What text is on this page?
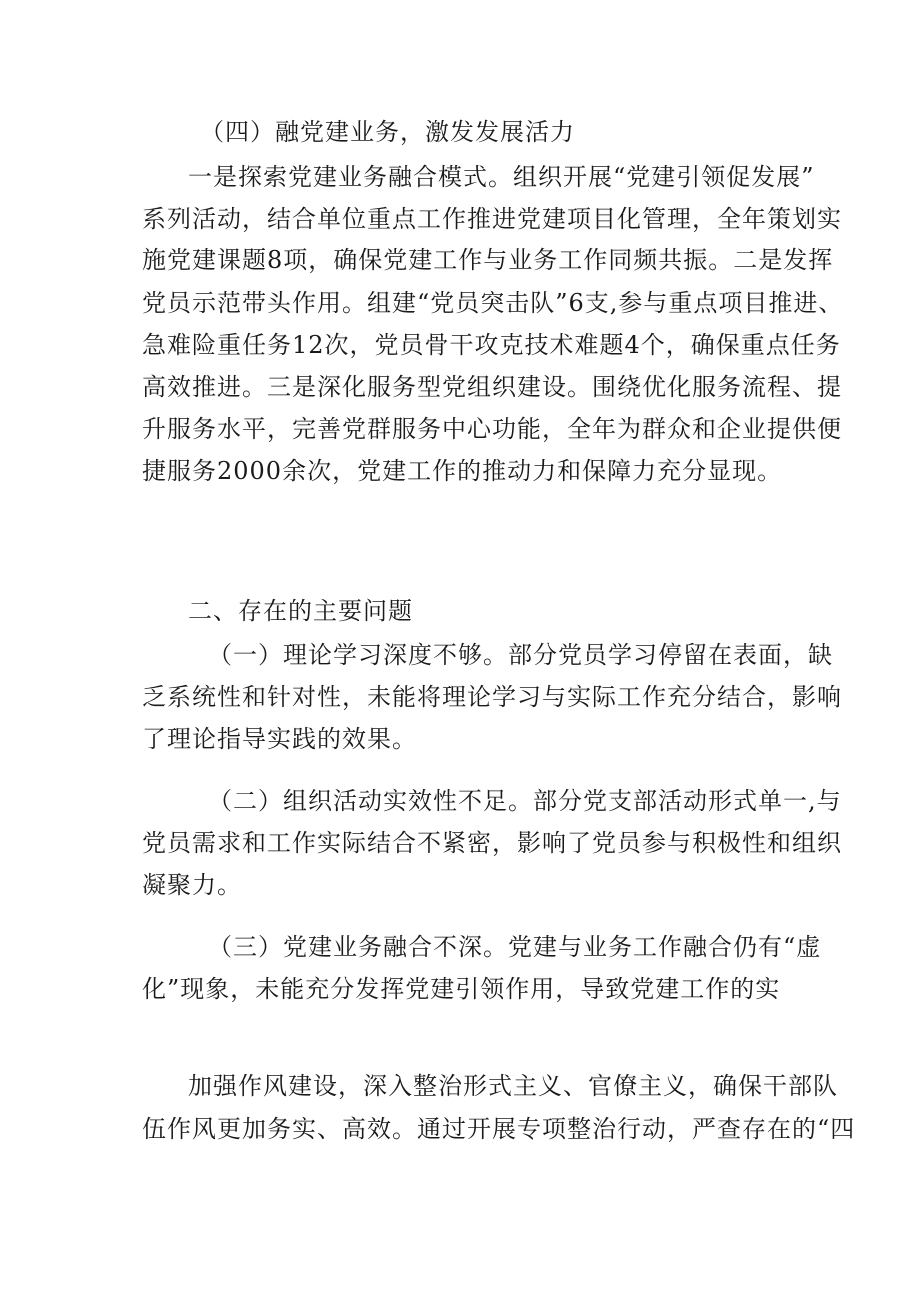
（四）融党建业务，激发发展活力
一是探索党建业务融合模式。组织开展“党建引领促发展”
系列活动，结合单位重点工作推进党建项目化管理，全年策划实
施党建课题8项，确保党建工作与业务工作同频共振。二是发挥
党员示范带头作用。组建“党员突击队”6支,参与重点项目推进、
急难险重任务12次，党员骨干攻克技术难题4个，确保重点任务
高效推进。三是深化服务型党组织建设。围绕优化服务流程、提
升服务水平，完善党群服务中心功能，全年为群众和企业提供便
捷服务2000余次，党建工作的推动力和保障力充分显现。
二、存在的主要问题
（一）理论学习深度不够。部分党员学习停留在表面，缺
乏系统性和针对性，未能将理论学习与实际工作充分结合，影响
了理论指导实践的效果。
（二）组织活动实效性不足。部分党支部活动形式单一,与
党员需求和工作实际结合不紧密，影响了党员参与积极性和组织
凝聚力。
（三）党建业务融合不深。党建与业务工作融合仍有“虚
化”现象，未能充分发挥党建引领作用，导致党建工作的实
加强作风建设，深入整治形式主义、官僚主义，确保干部队
伍作风更加务实、高效。通过开展专项整治行动，严查存在的“四
